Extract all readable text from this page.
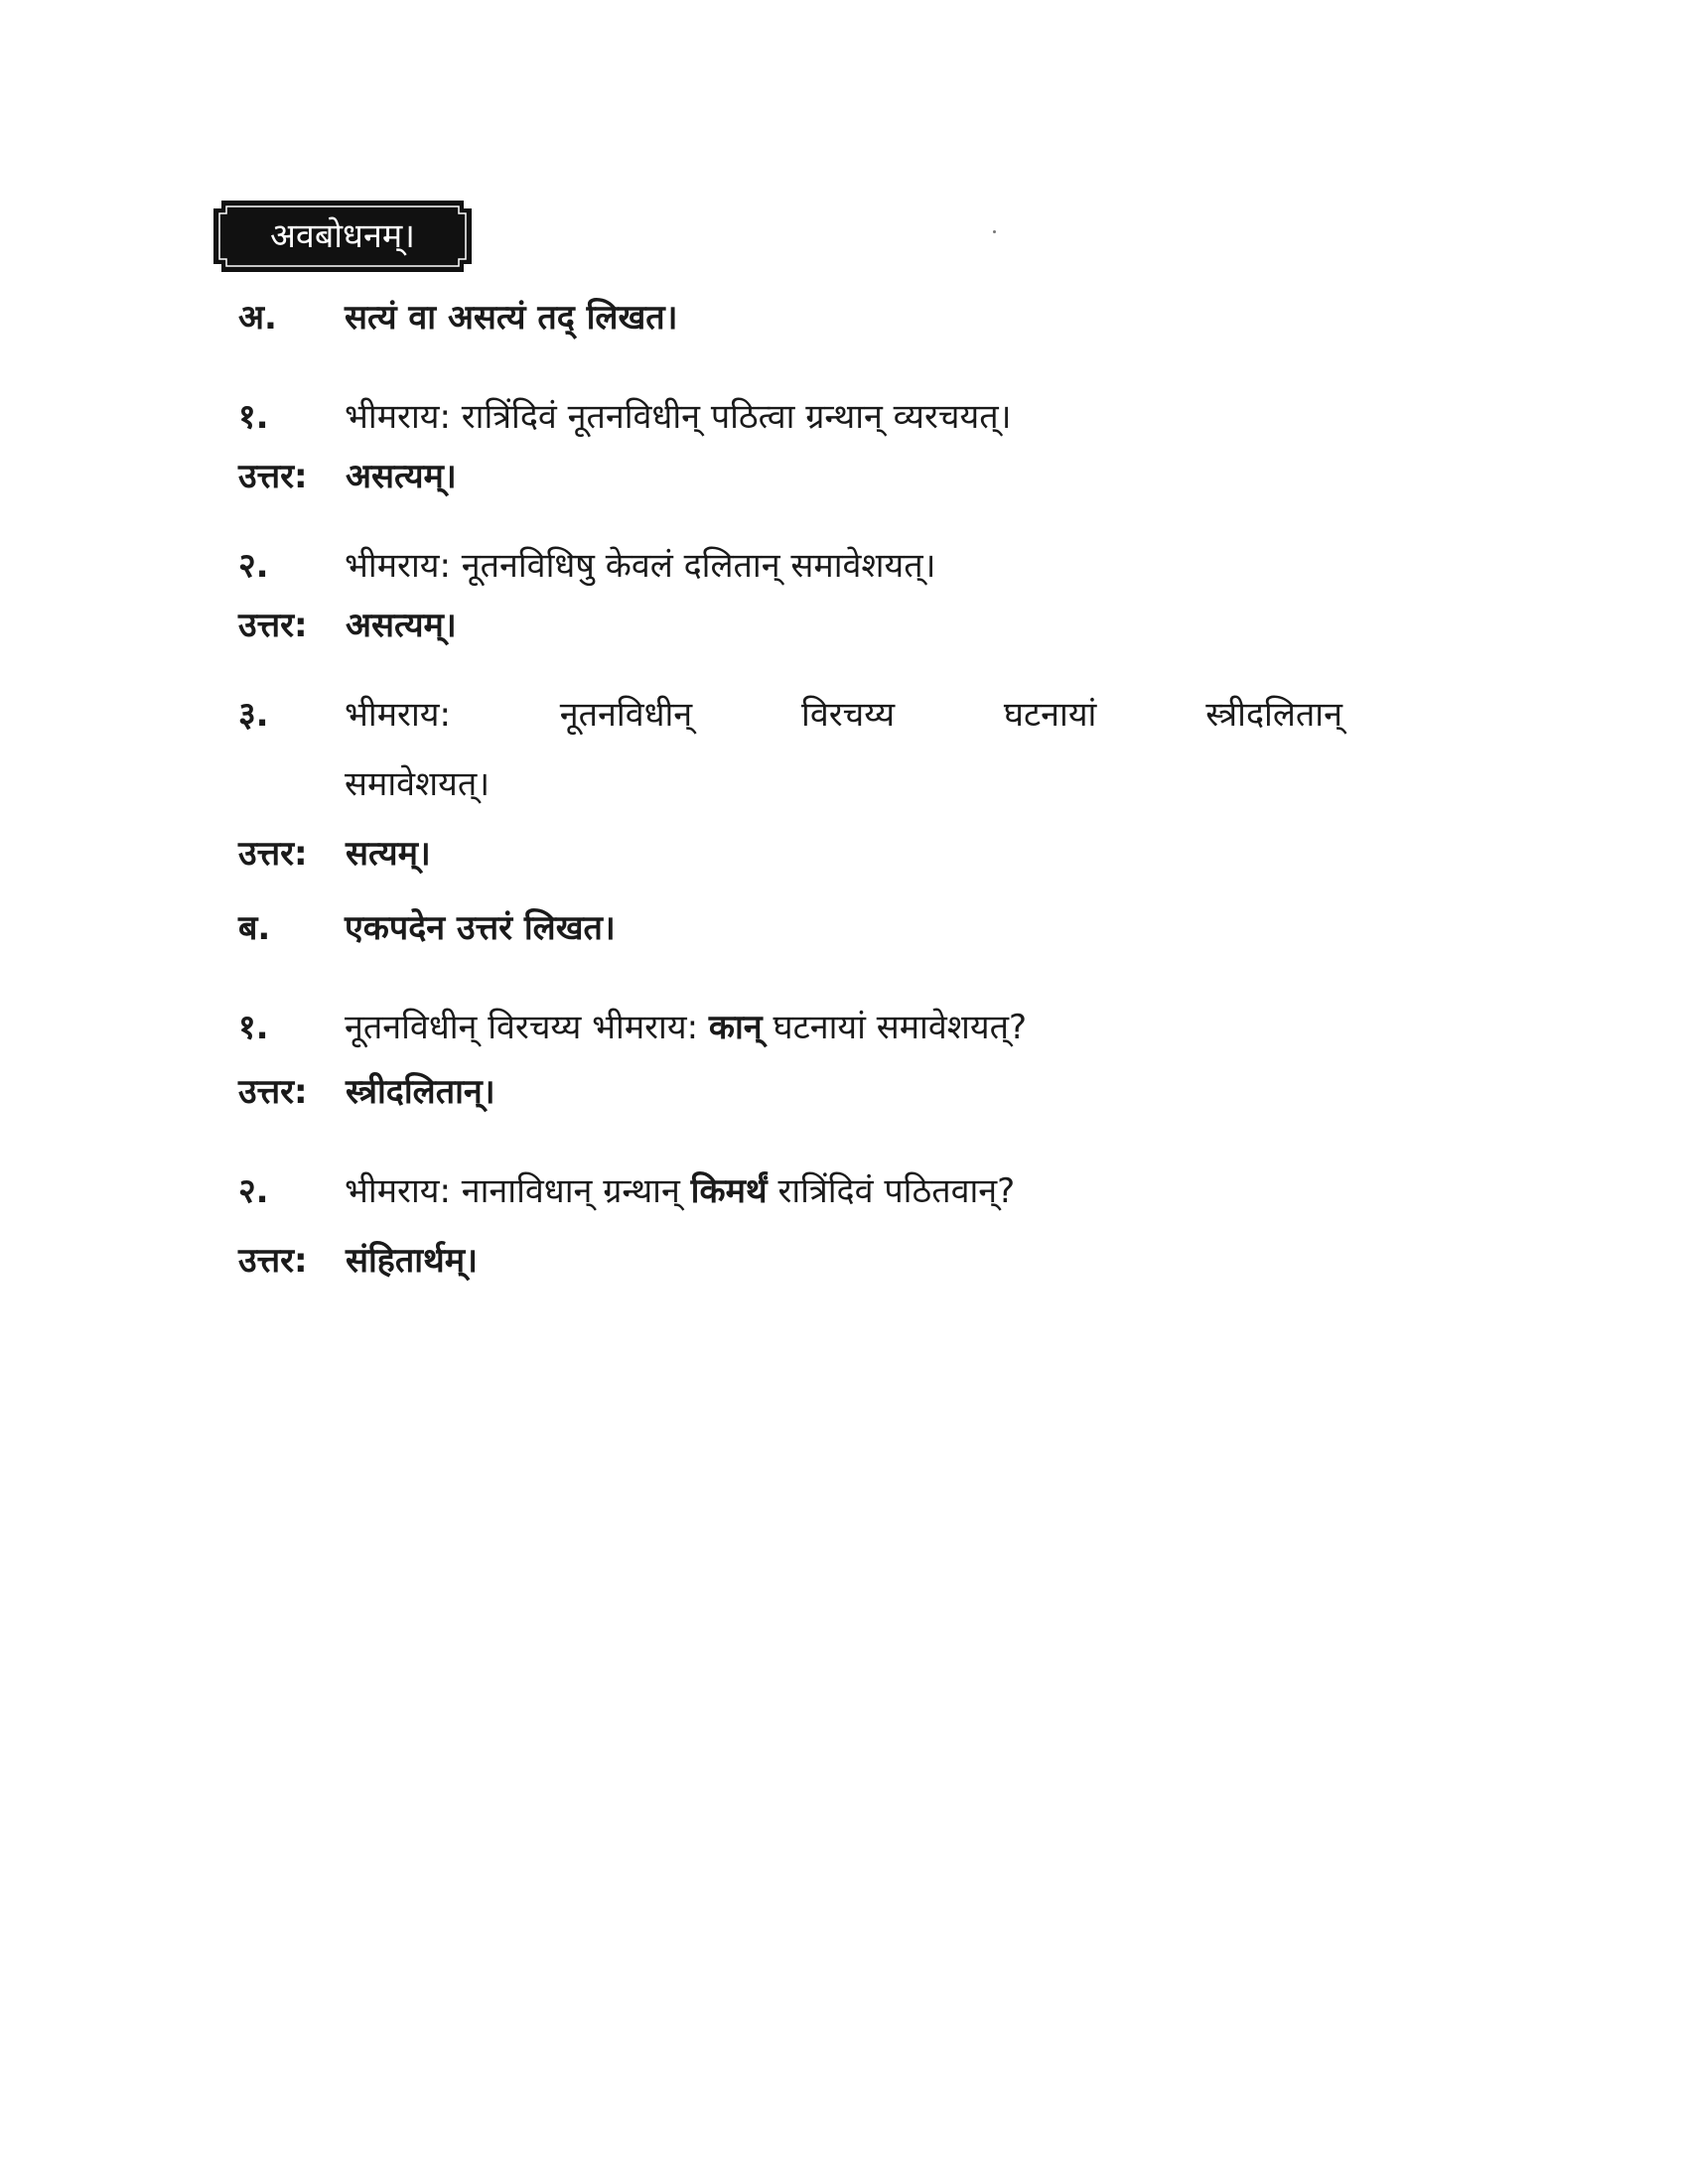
अवबोधनम्।
अ.	सत्यं वा असत्यं तद् लिखत।
१.	भीमराय: रात्रिंदिवं नूतनविधीन् पठित्वा ग्रन्थान् व्यरचयत्।
उत्तर:	असत्यम्।
२.	भीमराय: नूतनविधिषु केवलं दलितान् समावेशयत्।
उत्तर:	असत्यम्।
३.	भीमराय:	नूतनविधीन्	विरचय्य	घटनायां	स्त्रीदलितान्
समावेशयत्।
उत्तर:	सत्यम्।
ब.	एकपदेन उत्तरं लिखत।
१.	नूतनविधीन् विरचय्य भीमराय: कान् घटनायां समावेशयत्?
उत्तर:	स्त्रीदलितान्।
२.	भीमराय: नानाविधान् ग्रन्थान् किमर्थं रात्रिंदिवं पठितवान्?
उत्तर:	संहितार्थम्।
